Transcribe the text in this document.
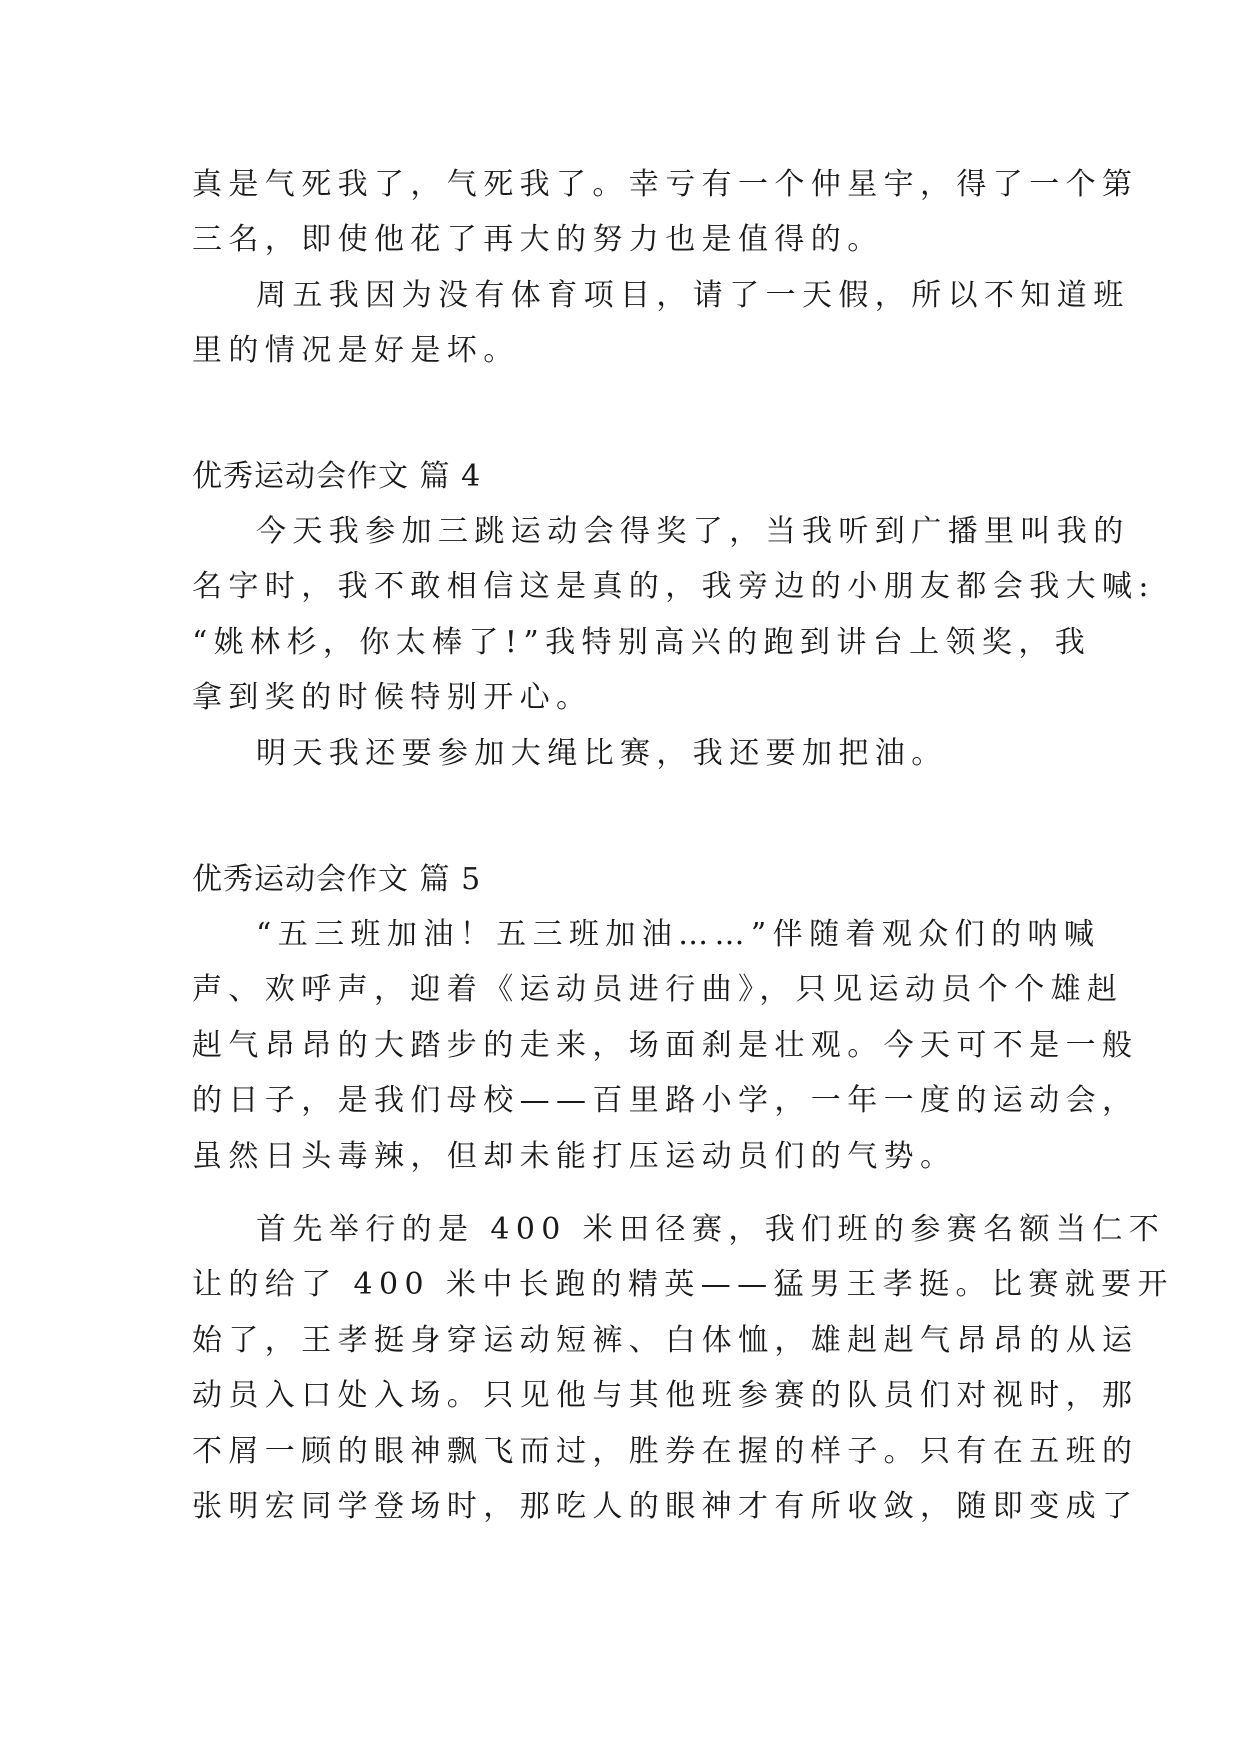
真是气死我了，气死我了。幸亏有一个仲星宇，得了一个第
三名，即使他花了再大的努力也是值得的。
周五我因为没有体育项目，请了一天假，所以不知道班
里的情况是好是坏。
优秀运动会作文 篇 4
今天我参加三跳运动会得奖了，当我听到广播里叫我的
名字时，我不敢相信这是真的，我旁边的小朋友都会我大喊:
“姚林杉，你太棒了!”我特别高兴的跑到讲台上领奖，我
拿到奖的时候特别开心。
明天我还要参加大绳比赛，我还要加把油。
优秀运动会作文 篇 5
“五三班加油！五三班加油……”伴随着观众们的呐喊
声、欢呼声，迎着《运动员进行曲》，只见运动员个个雄赳
赳气昂昂的大踏步的走来，场面刹是壮观。今天可不是一般
的日子，是我们母校——百里路小学，一年一度的运动会，
虽然日头毒辣，但却未能打压运动员们的气势。
首先举行的是 400 米田径赛，我们班的参赛名额当仁不
让的给了 400 米中长跑的精英——猛男王孝挺。比赛就要开
始了，王孝挺身穿运动短裤、白体恤，雄赳赳气昂昂的从运
动员入口处入场。只见他与其他班参赛的队员们对视时，那
不屑一顾的眼神飘飞而过，胜券在握的样子。只有在五班的
张明宏同学登场时，那吃人的眼神才有所收敛，随即变成了
